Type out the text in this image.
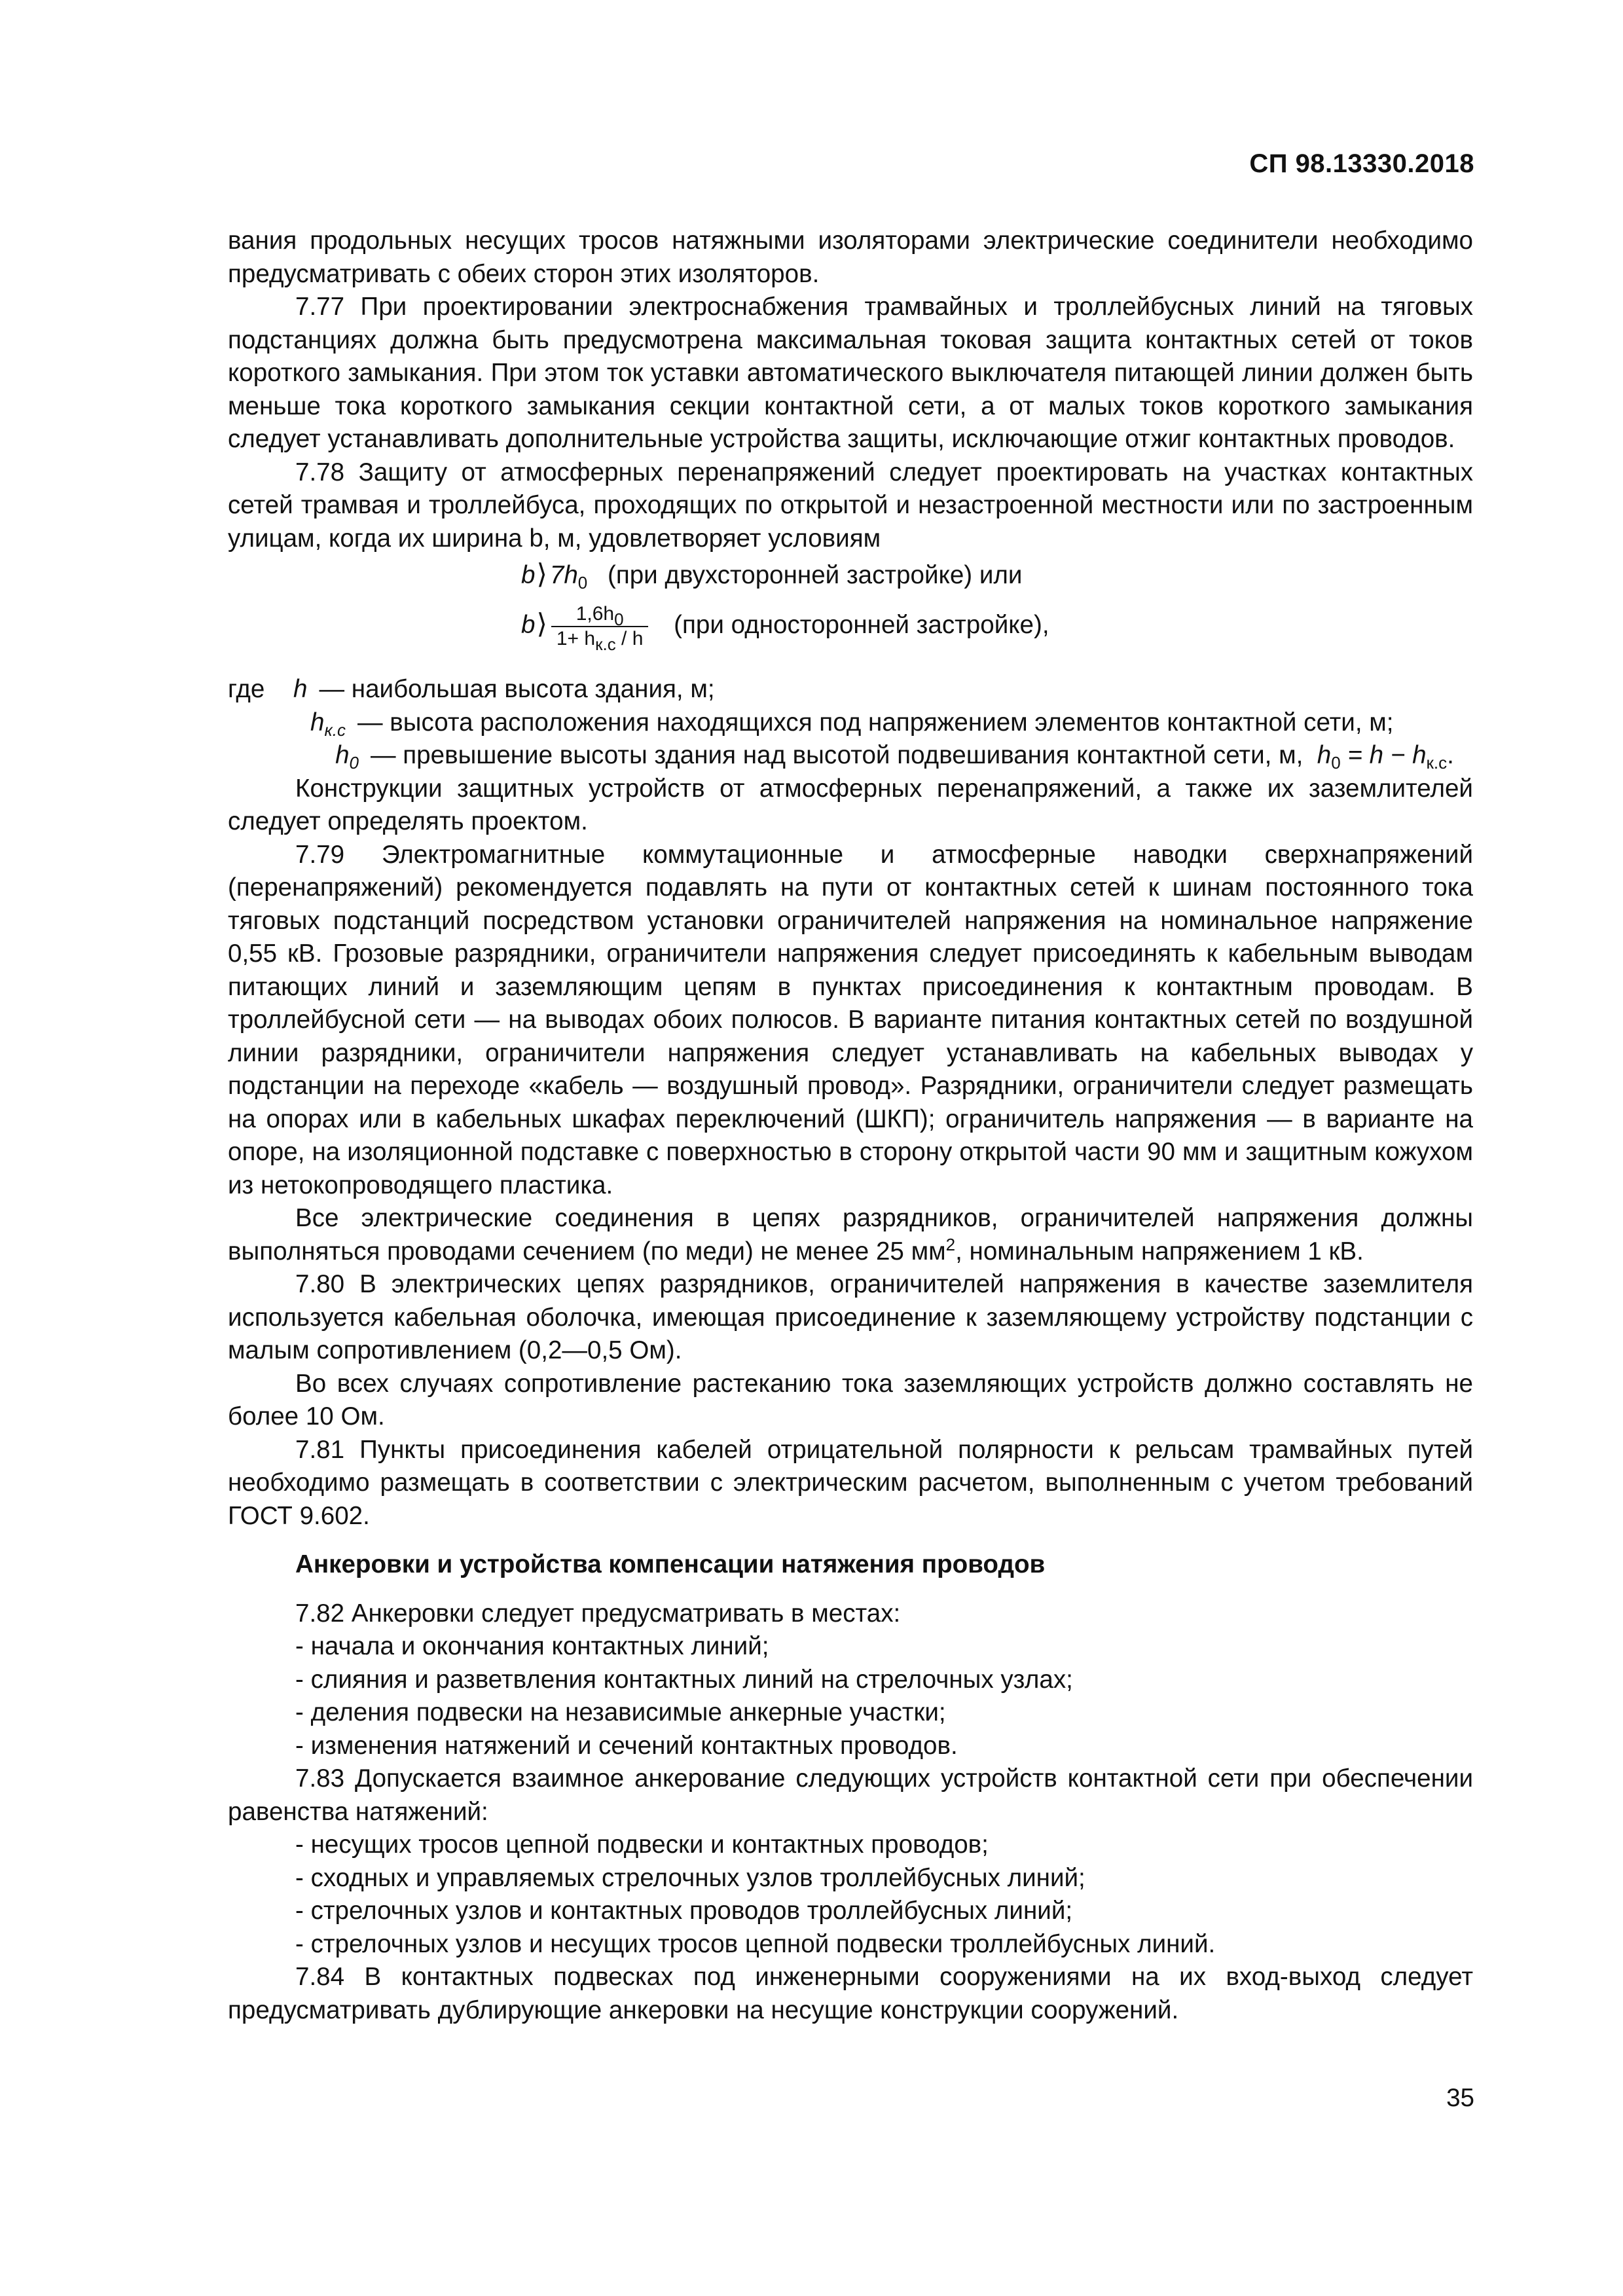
СП 98.13330.2018

вания продольных несущих тросов натяжными изоляторами электрические соединители необходимо предусматривать с обеих сторон этих изоляторов.

7.77 При проектировании электроснабжения трамвайных и троллейбусных линий на тяговых подстанциях должна быть предусмотрена максимальная токовая защита контактных сетей от токов короткого замыкания. При этом ток уставки автоматического выключателя питающей линии должен быть меньше тока короткого замыкания секции контактной сети, а от малых токов короткого замыкания следует устанавливать дополнительные устройства защиты, исключающие отжиг контактных проводов.

7.78 Защиту от атмосферных перенапряжений следует проектировать на участках контактных сетей трамвая и троллейбуса, проходящих по открытой и незастроенной местности или по застроенным улицам, когда их ширина b, м, удовлетворяет условиям

b⟩ $7h_0$ (при двухсторонней застройке) или
b⟩ $\frac{1,6h_0}{1+ h_{к.с} / h} (при$ односторонней застройке),
где	h — наибольшая высота здания, м;
$h_{к.с}$ — высота расположения находящихся под напряжением элементов контактной сети, м;
$h_0$ — превышение высоты здания над высотой подвешивания контактной сети, м, $h_0 = h - h_{к.с}$.

Конструкции защитных устройств от атмосферных перенапряжений, а также их заземлителей следует определять проектом.

7.79 Электромагнитные коммутационные и атмосферные наводки сверхнапряжений (перенапряжений) рекомендуется подавлять на пути от контактных сетей к шинам постоянного тока тяговых подстанций посредством установки ограничителей напряжения на номинальное напряжение 0,55 кВ. Грозовые разрядники, ограничители напряжения следует присоединять к кабельным выводам питающих линий и заземляющим цепям в пунктах присоединения к контактным проводам. В троллейбусной сети — на выводах обоих полюсов. В варианте питания контактных сетей по воздушной линии разрядники, ограничители напряжения следует устанавливать на кабельных выводах у подстанции на переходе «кабель — воздушный провод». Разрядники, ограничители следует размещать на опорах или в кабельных шкафах переключений (ШКП); ограничитель напряжения — в варианте на опоре, на изоляционной подставке с поверхностью в сторону открытой части 90 мм и защитным кожухом из нетокопроводящего пластика.

Все электрические соединения в цепях разрядников, ограничителей напряжения должны выполняться проводами сечением (по меди) не менее 25 $мм^2$, номинальным напряжением 1 кВ.

7.80 В электрических цепях разрядников, ограничителей напряжения в качестве заземлителя используется кабельная оболочка, имеющая присоединение к заземляющему устройству подстанции с малым сопротивлением (0,2—0,5 Ом).

Во всех случаях сопротивление растеканию тока заземляющих устройств должно составлять не более 10 Ом.

7.81 Пункты присоединения кабелей отрицательной полярности к рельсам трамвайных путей необходимо размещать в соответствии с электрическим расчетом, выполненным с учетом требований ГОСТ 9.602.

Анкеровки и устройства компенсации натяжения проводов

7.82 Анкеровки следует предусматривать в местах:

- начала и окончания контактных линий;

- слияния и разветвления контактных линий на стрелочных узлах;

- деления подвески на независимые анкерные участки;

- изменения натяжений и сечений контактных проводов.

7.83 Допускается взаимное анкерование следующих устройств контактной сети при обеспечении равенства натяжений:

- несущих тросов цепной подвески и контактных проводов;

- сходных и управляемых стрелочных узлов троллейбусных линий;

- стрелочных узлов и контактных проводов троллейбусных линий;

- стрелочных узлов и несущих тросов цепной подвески троллейбусных линий.

7.84 В контактных подвесках под инженерными сооружениями на их вход-выход следует предусматривать дублирующие анкеровки на несущие конструкции сооружений.

35
